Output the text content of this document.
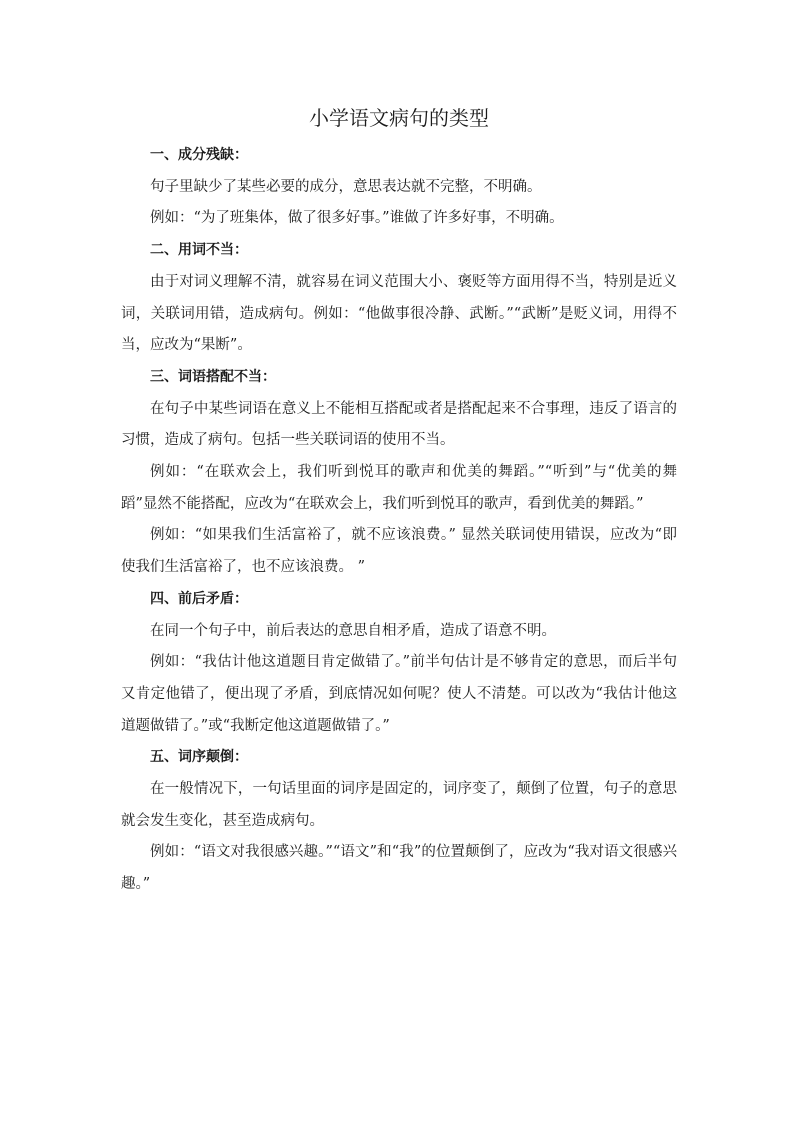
小学语文病句的类型

一、成分残缺：

句子里缺少了某些必要的成分，意思表达就不完整，不明确。

例如：“为了班集体，做了很多好事。”谁做了许多好事，不明确。

二、用词不当：

由于对词义理解不清，就容易在词义范围大小、褒贬等方面用得不当，特别是近义词，关联词用错，造成病句。例如：“他做事很冷静、武断。”“武断”是贬义词，用得不当，应改为“果断”。

三、词语搭配不当：

在句子中某些词语在意义上不能相互搭配或者是搭配起来不合事理，违反了语言的习惯，造成了病句。包括一些关联词语的使用不当。

例如：“在联欢会上，我们听到悦耳的歌声和优美的舞蹈。”“听到”与“优美的舞蹈”显然不能搭配，应改为“在联欢会上，我们听到悦耳的歌声，看到优美的舞蹈。”

例如：“如果我们生活富裕了，就不应该浪费。” 显然关联词使用错误，应改为“即使我们生活富裕了，也不应该浪费。 ”

四、前后矛盾：

在同一个句子中，前后表达的意思自相矛盾，造成了语意不明。

例如：“我估计他这道题目肯定做错了。”前半句估计是不够肯定的意思，而后半句又肯定他错了，便出现了矛盾，到底情况如何呢？使人不清楚。可以改为“我估计他这道题做错了。”或“我断定他这道题做错了。”

五、词序颠倒：

在一般情况下，一句话里面的词序是固定的，词序变了，颠倒了位置，句子的意思就会发生变化，甚至造成病句。

例如：“语文对我很感兴趣。”“语文”和“我”的位置颠倒了，应改为“我对语文很感兴趣。”
